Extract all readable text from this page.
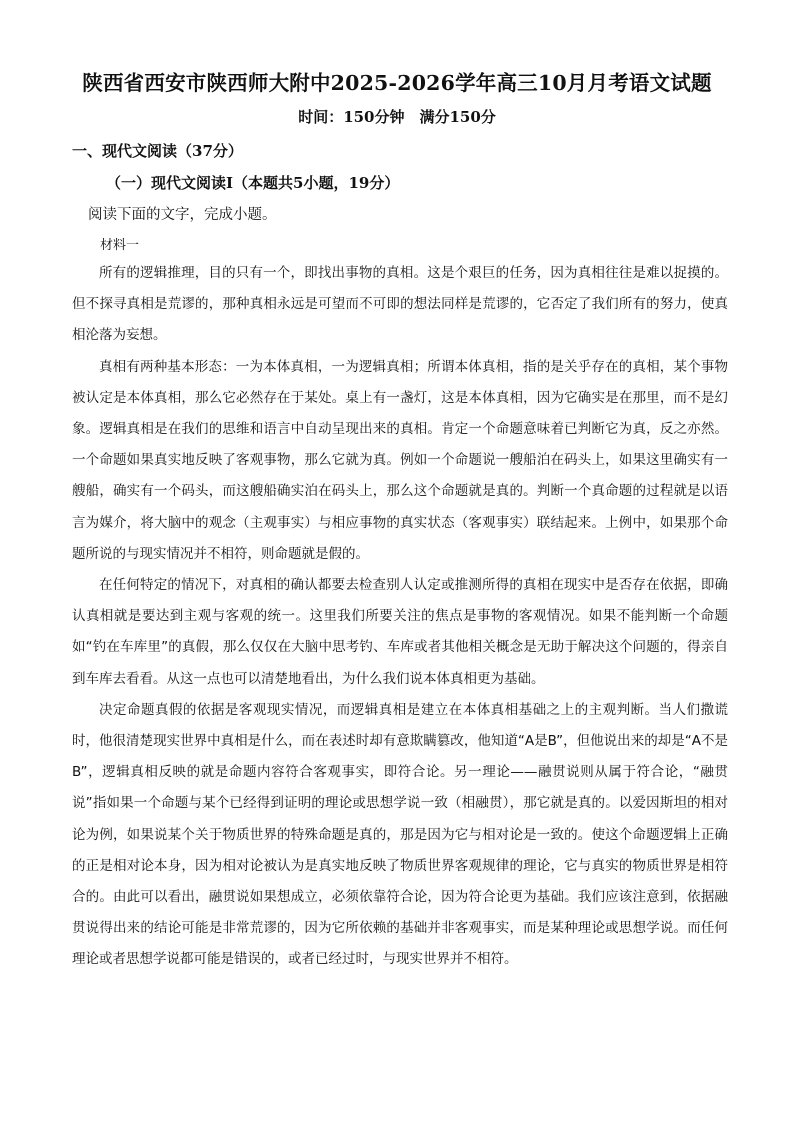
陕西省西安市陕西师大附中2025-2026学年高三10月月考语文试题
时间：150分钟　满分150分
一、现代文阅读（37分）
（一）现代文阅读Ⅰ（本题共5小题，19分）
阅读下面的文字，完成小题。
材料一

所有的逻辑推理，目的只有一个，即找出事物的真相。这是个艰巨的任务，因为真相往往是难以捉摸的。但不探寻真相是荒谬的，那种真相永远是可望而不可即的想法同样是荒谬的，它否定了我们所有的努力，使真相沦落为妄想。

真相有两种基本形态：一为本体真相，一为逻辑真相；所谓本体真相，指的是关乎存在的真相，某个事物被认定是本体真相，那么它必然存在于某处。桌上有一盏灯，这是本体真相，因为它确实是在那里，而不是幻象。逻辑真相是在我们的思维和语言中自动呈现出来的真相。肯定一个命题意味着已判断它为真，反之亦然。一个命题如果真实地反映了客观事物，那么它就为真。例如一个命题说一艘船泊在码头上，如果这里确实有一艘船，确实有一个码头，而这艘船确实泊在码头上，那么这个命题就是真的。判断一个真命题的过程就是以语言为媒介，将大脑中的观念（主观事实）与相应事物的真实状态（客观事实）联结起来。上例中，如果那个命题所说的与现实情况并不相符，则命题就是假的。

在任何特定的情况下，对真相的确认都要去检查别人认定或推测所得的真相在现实中是否存在依据，即确认真相就是要达到主观与客观的统一。这里我们所要关注的焦点是事物的客观情况。如果不能判断一个命题如“钓在车库里”的真假，那么仅仅在大脑中思考钓、车库或者其他相关概念是无助于解决这个问题的，得亲自到车库去看看。从这一点也可以清楚地看出，为什么我们说本体真相更为基础。

决定命题真假的依据是客观现实情况，而逻辑真相是建立在本体真相基础之上的主观判断。当人们撒谎时，他很清楚现实世界中真相是什么，而在表述时却有意欺瞒篡改，他知道“A是B”，但他说出来的却是“A不是B”，逻辑真相反映的就是命题内容符合客观事实，即符合论。另一理论——融贯说则从属于符合论，“融贯说”指如果一个命题与某个已经得到证明的理论或思想学说一致（相融贯），那它就是真的。以爱因斯坦的相对论为例，如果说某个关于物质世界的特殊命题是真的，那是因为它与相对论是一致的。使这个命题逻辑上正确的正是相对论本身，因为相对论被认为是真实地反映了物质世界客观规律的理论，它与真实的物质世界是相符合的。由此可以看出，融贯说如果想成立，必须依靠符合论，因为符合论更为基础。我们应该注意到，依据融贯说得出来的结论可能是非常荒谬的，因为它所依赖的基础并非客观事实，而是某种理论或思想学说。而任何理论或者思想学说都可能是错误的，或者已经过时，与现实世界并不相符。
